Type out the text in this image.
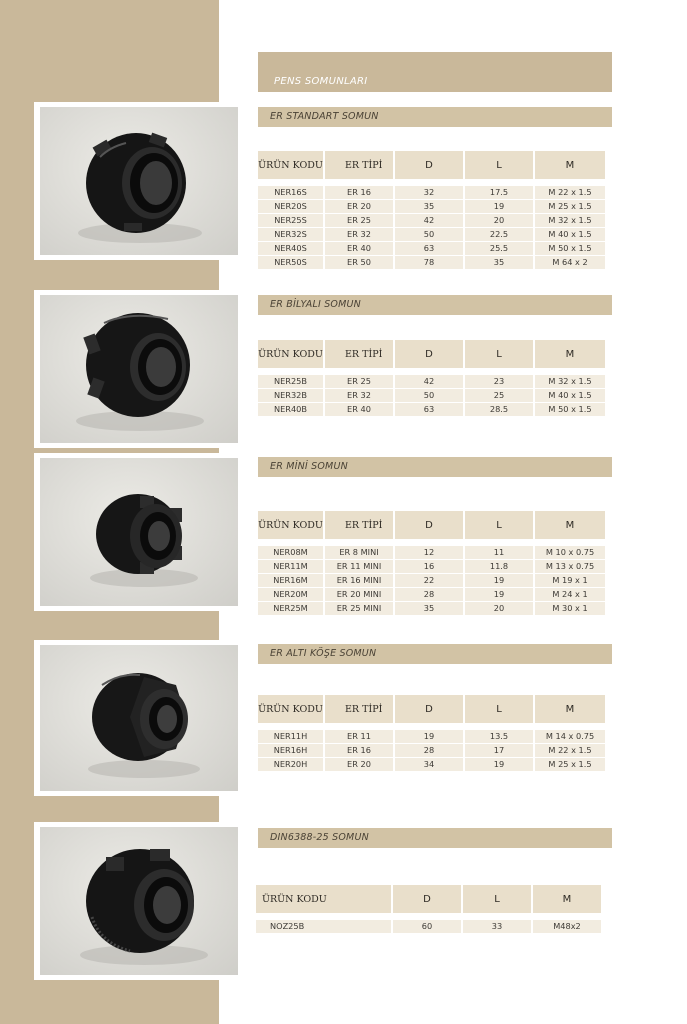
PENS SOMUNLARI
ER STANDART SOMUN
ÜRÜN KODU	ER TİPİ	D	L	M

NER16S	ER 16	32	17.5	M 22 x 1.5
NER20S	ER 20	35	19	M 25 x 1.5
NER25S	ER 25	42	20	M 32 x 1.5
NER32S	ER 32	50	22.5	M 40 x 1.5
NER40S	ER 40	63	25.5	M 50 x 1.5
NER50S	ER 50	78	35	M 64 x 2
ER BİLYALI SOMUN
ÜRÜN KODU	ER TİPİ	D	L	M

NER25B	ER 25	42	23	M 32 x 1.5
NER32B	ER 32	50	25	M 40 x 1.5
NER40B	ER 40	63	28.5	M 50 x 1.5
ER MİNİ SOMUN
ÜRÜN KODU	ER TİPİ	D	L	M

NER08M	ER 8 MINI	12	11	M 10 x 0.75
NER11M	ER 11 MINI	16	11.8	M 13 x 0.75
NER16M	ER 16 MINI	22	19	M 19 x 1
NER20M	ER 20 MINI	28	19	M 24 x 1
NER25M	ER 25 MINI	35	20	M 30 x 1
ER ALTI KÖŞE SOMUN
ÜRÜN KODU	ER TİPİ	D	L	M

NER11H	ER 11	19	13.5	M 14 x 0.75
NER16H	ER 16	28	17	M 22 x 1.5
NER20H	ER 20	34	19	M 25 x 1.5
DIN6388-25 SOMUN
ÜRÜN KODU	D	L	M

NOZ25B	60	33	M48x2
